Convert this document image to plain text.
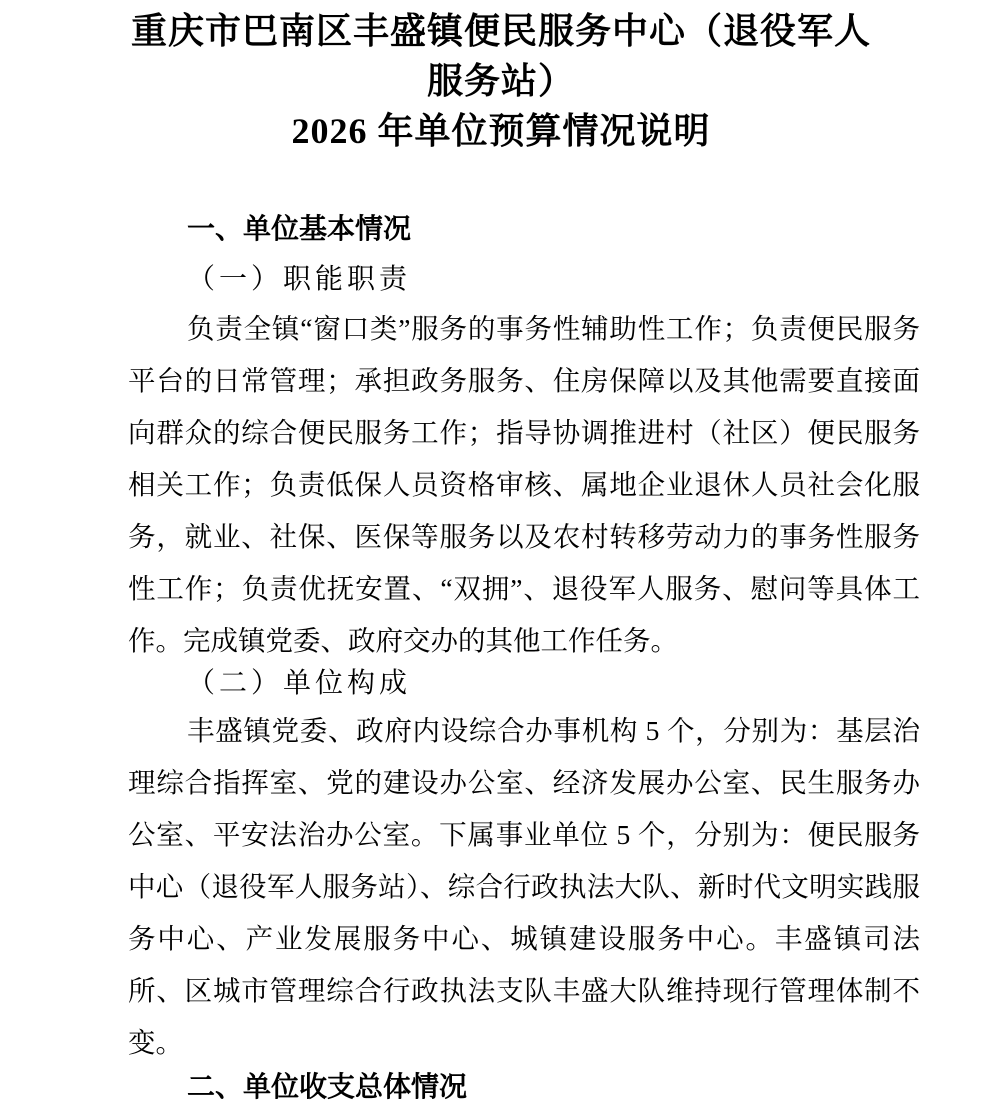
重庆市巴南区丰盛镇便民服务中心（退役军人服务站）
2026 年单位预算情况说明
一、单位基本情况
（一）职能职责

负责全镇“窗口类”服务的事务性辅助性工作；负责便民服务平台的日常管理；承担政务服务、住房保障以及其他需要直接面向群众的综合便民服务工作；指导协调推进村（社区）便民服务相关工作；负责低保人员资格审核、属地企业退休人员社会化服务，就业、社保、医保等服务以及农村转移劳动力的事务性服务性工作；负责优抚安置、“双拥”、退役军人服务、慰问等具体工作。完成镇党委、政府交办的其他工作任务。

（二）单位构成

丰盛镇党委、政府内设综合办事机构 5 个，分别为：基层治理综合指挥室、党的建设办公室、经济发展办公室、民生服务办公室、平安法治办公室。下属事业单位 5 个，分别为：便民服务中心（退役军人服务站）、综合行政执法大队、新时代文明实践服务中心、产业发展服务中心、城镇建设服务中心。丰盛镇司法所、区城市管理综合行政执法支队丰盛大队维持现行管理体制不变。

二、单位收支总体情况
